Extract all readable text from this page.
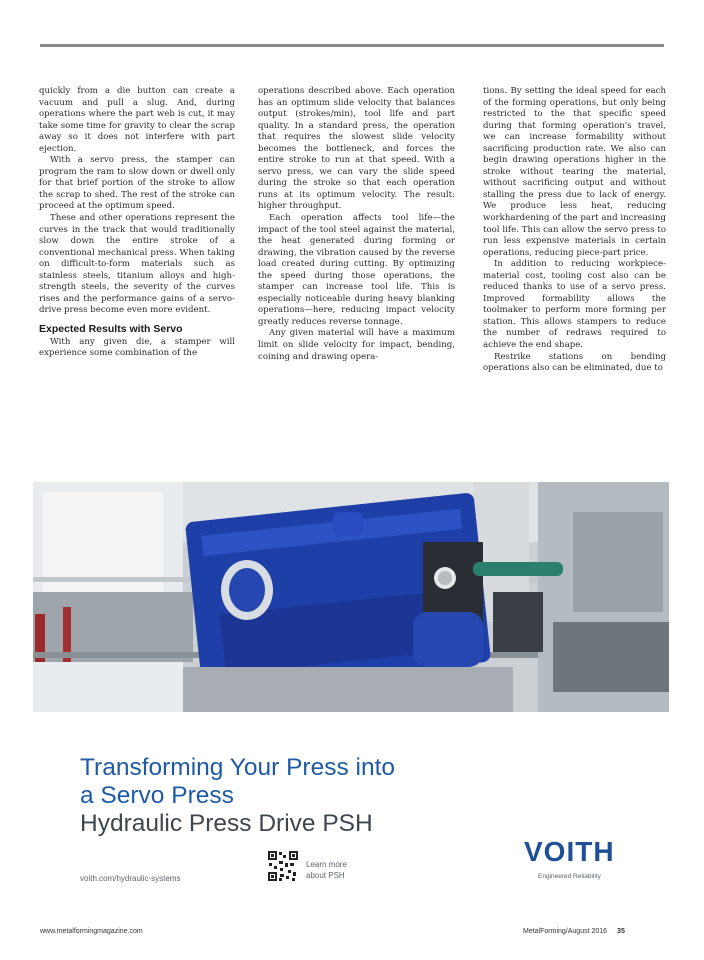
quickly from a die button can create a vacuum and pull a slug. And, during operations where the part web is cut, it may take some time for gravity to clear the scrap away so it does not interfere with part ejection.

With a servo press, the stamper can program the ram to slow down or dwell only for that brief portion of the stroke to allow the scrap to shed. The rest of the stroke can proceed at the optimum speed.

These and other operations represent the curves in the track that would traditionally slow down the entire stroke of a conventional mechanical press. When taking on difficult-to-form materials such as stainless steels, titanium alloys and high-strength steels, the severity of the curves rises and the performance gains of a servo-drive press become even more evident.

Expected Results with Servo

With any given die, a stamper will experience some combination of the

operations described above. Each operation has an optimum slide velocity that balances output (strokes/min), tool life and part quality. In a standard press, the operation that requires the slowest slide velocity becomes the bottleneck, and forces the entire stroke to run at that speed. With a servo press, we can vary the slide speed during the stroke so that each operation runs at its optimum velocity. The result: higher throughput.

Each operation affects tool life—the impact of the tool steel against the material, the heat generated during forming or drawing, the vibration caused by the reverse load created during cutting. By optimizing the speed during those operations, the stamper can increase tool life. This is especially noticeable during heavy blanking operations—here, reducing impact velocity greatly reduces reverse tonnage.

Any given material will have a maximum limit on slide velocity for impact, bending, coining and drawing opera-

tions. By setting the ideal speed for each of the forming operations, but only being restricted to the that specific speed during that forming operation's travel, we can increase formability without sacrificing production rate. We also can begin drawing operations higher in the stroke without tearing the material, without sacrificing output and without stalling the press due to lack of energy. We produce less heat, reducing workhardening of the part and increasing tool life. This can allow the servo press to run less expensive materials in certain operations, reducing piece-part price.

In addition to reducing workpiece-material cost, tooling cost also can be reduced thanks to use of a servo press. Improved formability allows the toolmaker to perform more forming per station. This allows stampers to reduce the number of redraws required to achieve the end shape.

Restrike stations on bending operations also can be eliminated, due to

Transforming Your Press into
a Servo Press
Hydraulic Press Drive PSH
voith.com/hydraulic-systems
Learn more
about PSH
VOITH
Engineered Reliability
www.metalformingmagazine.com	MetalForming/August 2016 35
